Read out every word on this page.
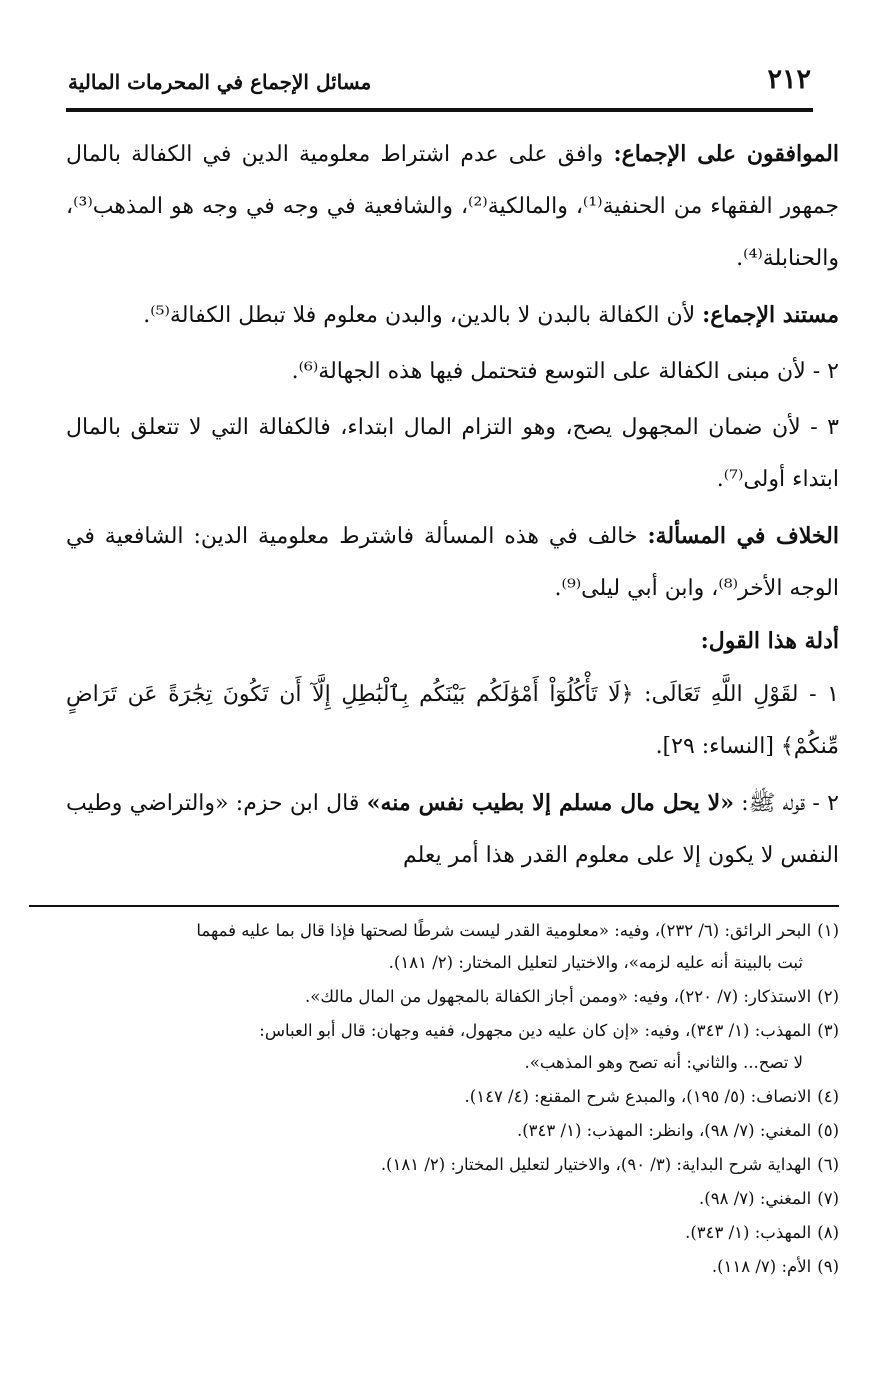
٢١٢
مسائل الإجماع في المحرمات المالية

الموافقون على الإجماع: وافق على عدم اشتراط معلومية الدين في الكفالة بالمال جمهور الفقهاء من الحنفية⁽¹⁾، والمالكية⁽²⁾، والشافعية في وجه في وجه هو المذهب⁽³⁾، والحنابلة⁽⁴⁾.

مستند الإجماع: لأن الكفالة بالبدن لا بالدين، والبدن معلوم فلا تبطل الكفالة⁽⁵⁾.

٢ - لأن مبنى الكفالة على التوسع فتحتمل فيها هذه الجهالة⁽⁶⁾.

٣ - لأن ضمان المجهول يصح، وهو التزام المال ابتداء، فالكفالة التي لا تتعلق بالمال ابتداء أولى⁽⁷⁾.

الخلاف في المسألة: خالف في هذه المسألة فاشترط معلومية الدين: الشافعية في الوجه الأخر⁽⁸⁾، وابن أبي ليلى⁽⁹⁾.

أدلة هذا القول:

١ - لقَوْلِ اللَّهِ تَعَالَى: ﴿لَا تَأْكُلُوٓاْ أَمْوَٰلَكُم بَيْنَكُم بِٱلْبَٰطِلِ إِلَّآ أَن تَكُونَ تِجَٰرَةً عَن تَرَاضٍ مِّنكُمْ﴾ [النساء: ٢٩].

٢ - قوله ﷺ: «لا يحل مال مسلم إلا بطيب نفس منه» قال ابن حزم: «والتراضي وطيب النفس لا يكون إلا على معلوم القدر هذا أمر يعلم

(١)البحر الرائق: (٦/ ٢٣٢)، وفيه: «معلومية القدر ليست شرطًا لصحتها فإذا قال بما عليه فمهما
ثبت بالبينة أنه عليه لزمه»، والاختيار لتعليل المختار: (٢/ ١٨١).

(٢)الاستذكار: (٧/ ٢٢٠)، وفيه: «وممن أجاز الكفالة بالمجهول من المال مالك».

(٣)المهذب: (١/ ٣٤٣)، وفيه: «إن كان عليه دين مجهول، ففيه وجهان: قال أبو العباس:
لا تصح... والثاني: أنه تصح وهو المذهب».

(٤)الانصاف: (٥/ ١٩٥)، والمبدع شرح المقنع: (٤/ ١٤٧).

(٥)المغني: (٧/ ٩٨)، وانظر: المهذب: (١/ ٣٤٣).

(٦)الهداية شرح البداية: (٣/ ٩٠)، والاختيار لتعليل المختار: (٢/ ١٨١).

(٧)المغني: (٧/ ٩٨).

(٨)المهذب: (١/ ٣٤٣).

(٩)الأم: (٧/ ١١٨).
